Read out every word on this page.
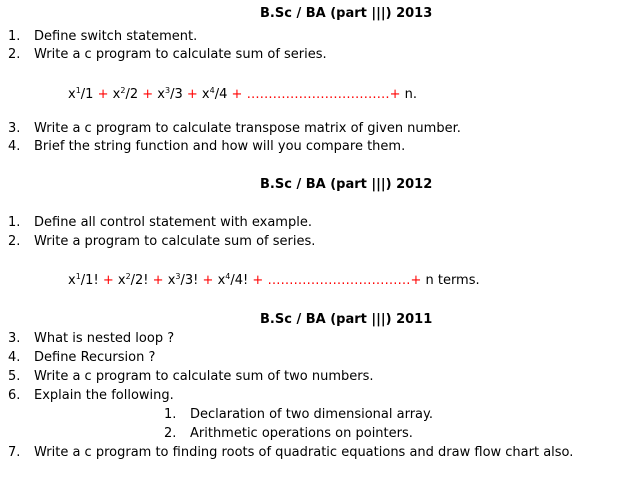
B.Sc / BA (part |||) 2013
1. Define switch statement.
2. Write a c program to calculate sum of series.
$x^1/1 + x^2/2 + x^3/3 + x^4/4$ + ……………………………+ n.
3. Write a c program to calculate transpose matrix of given number.
4. Brief the string function and how will you compare them.
B.Sc / BA (part |||) 2012
1. Define all control statement with example.
2. Write a program to calculate sum of series.
$x^1/1$! + $x^2/2$! + $x^3/3$! + $x^4/4$! + ……………………………+ n terms.
B.Sc / BA (part |||) 2011
3. What is nested loop ?
4. Define Recursion ?
5. Write a c program to calculate sum of two numbers.
6. Explain the following.
1. Declaration of two dimensional array.
2. Arithmetic operations on pointers.
7. Write a c program to finding roots of quadratic equations and draw flow chart also.
